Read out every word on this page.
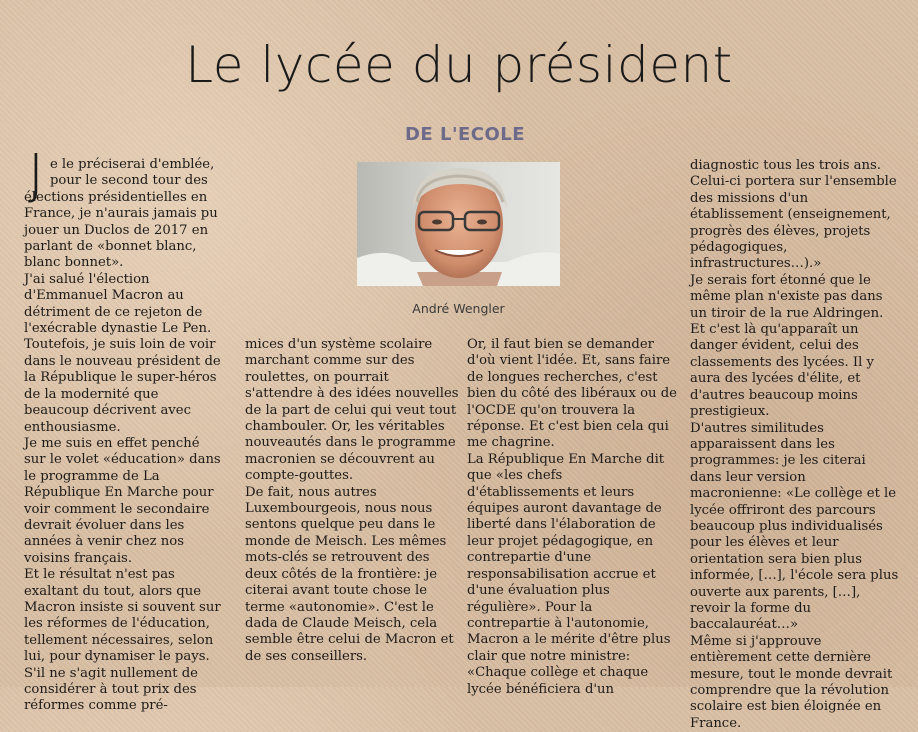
Le lycée du président
DE L'ECOLE
André Wengler

Je le préciserai d'emblée, pour le second tour des élections présidentielles en France, je n'aurais jamais pu jouer un Duclos de 2017 en parlant de «bonnet blanc, blanc bonnet».

J'ai salué l'élection d'Emmanuel Macron au détriment de ce rejeton de l'exécrable dynastie Le Pen.

Toutefois, je suis loin de voir dans le nouveau président de la République le super-héros de la modernité que beaucoup décrivent avec enthousiasme.

Je me suis en effet penché sur le volet «éducation» dans le programme de La République En Marche pour voir comment le secondaire devrait évoluer dans les années à venir chez nos voisins français.

Et le résultat n'est pas exaltant du tout, alors que Macron insiste si souvent sur les réformes de l'éducation, tellement nécessaires, selon lui, pour dynamiser le pays. S'il ne s'agit nullement de considérer à tout prix des réformes comme pré-

mices d'un système scolaire marchant comme sur des roulettes, on pourrait s'attendre à des idées nouvelles de la part de celui qui veut tout chambouler. Or, les véritables nouveautés dans le programme macronien se découvrent au compte-gouttes.

De fait, nous autres Luxembourgeois, nous nous sentons quelque peu dans le monde de Meisch. Les mêmes mots-clés se retrouvent des deux côtés de la frontière: je citerai avant toute chose le terme «autonomie». C'est le dada de Claude Meisch, cela semble être celui de Macron et de ses conseillers.

Or, il faut bien se demander d'où vient l'idée. Et, sans faire de longues recherches, c'est bien du côté des libéraux ou de l'OCDE qu'on trouvera la réponse. Et c'est bien cela qui me chagrine.

La République En Marche dit que «les chefs d'établissements et leurs équipes auront davantage de liberté dans l'élaboration de leur projet pédagogique, en contrepartie d'une responsabilisation accrue et d'une évaluation plus régulière». Pour la contrepartie à l'autonomie, Macron a le mérite d'être plus clair que notre ministre: «Chaque collège et chaque lycée bénéficiera d'un

diagnostic tous les trois ans. Celui-ci portera sur l'ensemble des missions d'un établissement (enseignement, progrès des élèves, projets pédagogiques, infrastructures…).»

Je serais fort étonné que le même plan n'existe pas dans un tiroir de la rue Aldringen. Et c'est là qu'apparaît un danger évident, celui des classements des lycées. Il y aura des lycées d'élite, et d'autres beaucoup moins prestigieux.

D'autres similitudes apparaissent dans les programmes: je les citerai dans leur version macronienne: «Le collège et le lycée offriront des parcours beaucoup plus individualisés pour les élèves et leur orientation sera bien plus informée, […], l'école sera plus ouverte aux parents, […], revoir la forme du baccalauréat…»

Même si j'approuve entièrement cette dernière mesure, tout le monde devrait comprendre que la révolution scolaire est bien éloignée en France.
